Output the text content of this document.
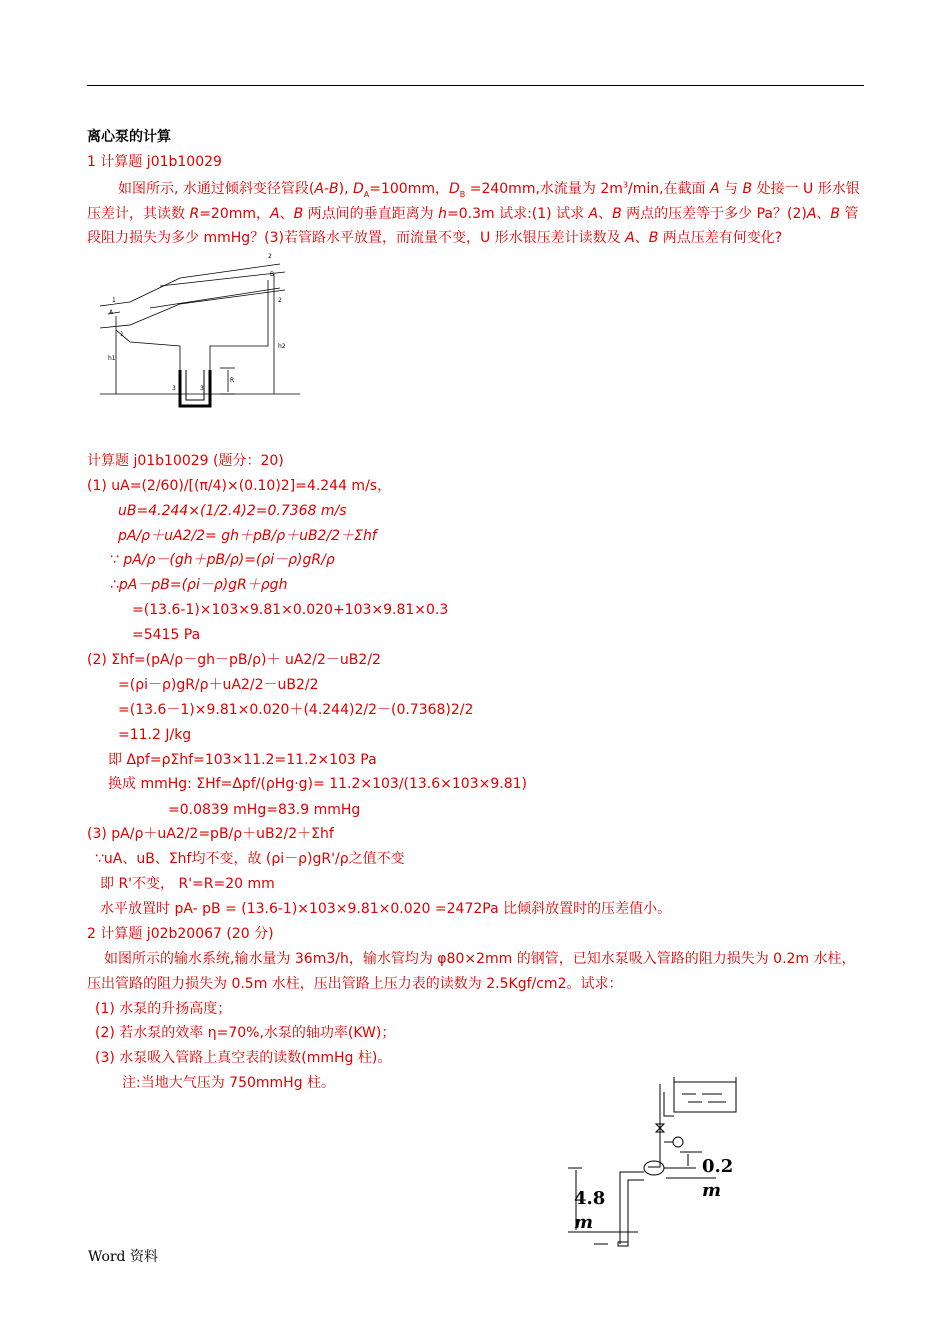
离心泵的计算
1 计算题 j01b10029
如图所示, 水通过倾斜变径管段(A-B), $D_A=100mm$，$D_B =240mm$,水流量为 $2m^3/\min$,在截面 A 与 B 处接一 U 形水银压差计，其读数 R=20mm，A、B 两点间的垂直距离为 h=0.3m 试求:(1) 试求 A、B 两点的压差等于多少 Pa？(2)A、B 管段阻力损失为多少 mmHg？(3)若管路水平放置，而流量不变，U 形水银压差计读数及 A、B 两点压差有何变化?
1
A
1
h1
2
B
2
h2
3	3
R
计算题 j01b10029 (题分：20)
(1) uA=(2/60)/[(π/4)×(0.10)2]=4.244 m/s，
uB=4.244×(1/2.4)2=0.7368 m/s
pA/ρ＋uA2/2= gh＋pB/ρ＋uB2/2＋Σhf
∵ pA/ρ－(gh＋pB/ρ)=(ρi－ρ)gR/ρ
∴pA－pB=(ρi－ρ)gR＋ρgh
=(13.6-1)×103×9.81×0.020+103×9.81×0.3
=5415 Pa
(2) Σhf=(pA/ρ－gh－pB/ρ)＋ uA2/2－uB2/2
=(ρi－ρ)gR/ρ＋uA2/2－uB2/2
=(13.6－1)×9.81×0.020＋(4.244)2/2－(0.7368)2/2
=11.2 J/kg
即 Δpf=ρΣhf=103×11.2=11.2×103 Pa
换成 mmHg: ΣHf=Δpf/(ρHg·g)= 11.2×103/(13.6×103×9.81)
=0.0839 mHg=83.9 mmHg
(3) pA/ρ＋uA2/2=pB/ρ＋uB2/2＋Σhf
∵uA、uB、Σhf均不变，故 (ρi－ρ)gR'/ρ之值不变
即 R'不变， R'=R=20 mm
水平放置时 pA- pB = (13.6-1)×103×9.81×0.020 =2472Pa 比倾斜放置时的压差值小。
2 计算题 j02b20067 (20 分)
如图所示的输水系统,输水量为 36m3/h，输水管均为 φ80×2mm 的钢管，已知水泵吸入管路的阻力损失为 0.2m 水柱，
压出管路的阻力损失为 0.5m 水柱，压出管路上压力表的读数为 2.5Kgf/cm2。试求：
(1) 水泵的升扬高度；
(2) 若水泵的效率 η=70%,水泵的轴功率(KW)；
(3) 水泵吸入管路上真空表的读数(mmHg 柱)。
注:当地大气压为 750mmHg 柱。
0.2
m
4.8
m
Word 资料
